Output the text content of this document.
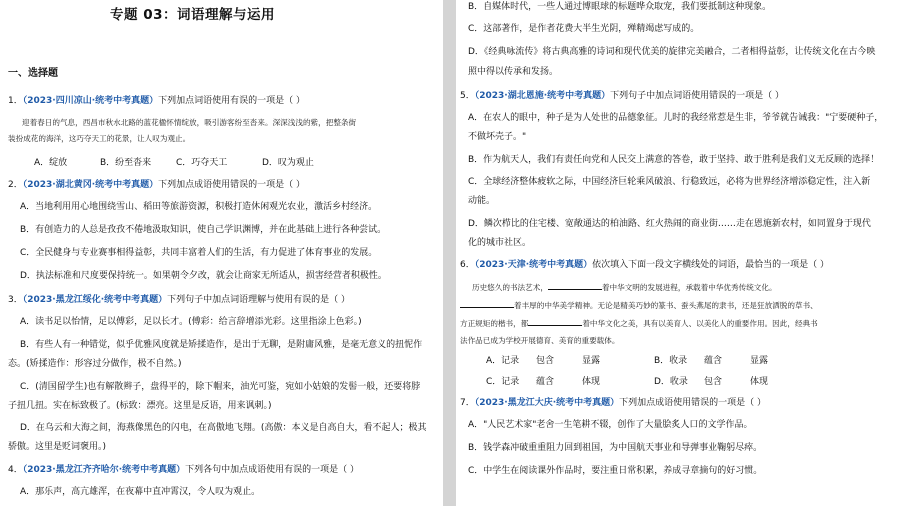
专题 03：词语理解与运用
一、选择题
1．（2023·四川凉山·统考中考真题）下列加点词语使用有误的一项是（ ）
迎着春日的气息，西昌市秋水北路的蓝花楹怀情绽放，吸引游客纷至沓来。深深浅浅的紫，把整条街
装扮成花的海洋，这巧夺天工的花景，让人叹为观止。
A．绽放	B．纷至沓来	C．巧夺天工	D．叹为观止
2．（2023·湖北黄冈·统考中考真题）下列加点成语使用错误的一项是（ ）
A．当地利用用心地围绕雪山、稻田等旅游资源，积极打造休闲观光农业，激活乡村经济。
B．有创造力的人总是孜孜不倦地汲取知识，使自己学识渊博，并在此基础上进行各种尝试。
C．全民健身与专业赛事相得益彰，共同丰富着人们的生活，有力促进了体育事业的发展。
D．执法标准和尺度要保持统一。如果朝令夕改，就会让商家无所适从，损害经营者积极性。
3．（2023·黑龙江绥化·统考中考真题）下列句子中加点词语理解与使用有误的是（ ）
A．读书足以怡情，足以傅彩，足以长才。(傅彩：给言辞增添光彩。这里指涂上色彩。)
B．有些人有一种错觉，似乎优雅风度就是矫揉造作，是出于无聊，是附庸风雅，是毫无意义的扭怩作
态。(矫揉造作：形容过分做作，极不自然。)
C．(清国留学生)也有解散辫子，盘得平的，除下帽来，油光可鉴，宛如小姑娘的发髻一般，还要将脖
子扭几扭。实在标致极了。(标致：漂亮。这里是反语，用来讽刺。)
D．在乌云和大海之间，海燕像黑色的闪电，在高傲地飞翔。(高傲：本义是自高自大，看不起人；极其
骄傲。这里是贬词褒用。)
4．（2023·黑龙江齐齐哈尔·统考中考真题）下列各句中加点成语使用有误的一项是（ ）
A．那乐声，高亢雄浑，在夜幕中直冲霄汉，令人叹为观止。
B．自媒体时代，一些人通过博眼球的标题哗众取宠，我们要抵制这种现象。
C．这部著作，是作者花费大半生光阴，殚精竭虑写成的。
D．《经典咏流传》将古典高雅的诗词和现代优美的旋律完美融合，二者相得益彰，让传统文化在古今映
照中得以传承和发扬。
5．（2023·湖北恩施·统考中考真题）下列句子中加点词语使用错误的一项是（ ）
A．在农人的眼中，种子是为人处世的品德象征。儿时的我经常惹是生非，爷爷就告诫我："宁要硬种子，
不做坏壳子。"
B．作为航天人，我们有责任向党和人民交上满意的答卷，敢于坚持、敢于胜利是我们义无反顾的选择！
C．全球经济整体疲软之际，中国经济巨轮乘风破浪、行稳致远，必将为世界经济增添稳定性，注入新
动能。
D．鳞次栉比的住宅楼、宽敞通达的柏油路、红火热闹的商业街……走在恩施新农村，如同置身于现代
化的城市社区。
6．（2023·天津·统考中考真题）依次填入下面一段文字横线处的词语，最恰当的一项是（ ）
历史悠久的书法艺术，	着中华文明的发展进程，承载着中华优秀传统文化。
着丰厚的中华美学精神。无论是精美巧妙的篆书、蚕头燕尾的隶书，还是狂放洒脱的草书、
方正规矩的楷书，都	着中华文化之美，具有以美育人、以美化人的重要作用。因此，经典书
法作品已成为学校开展德育、美育的重要载体。
A．记录 包含	显露	B．收录 蕴含	显露
C．记录 蕴含	体现	D．收录 包含	体现
7．（2023·黑龙江大庆·统考中考真题）下列加点成语使用错误的一项是（ ）
A．"人民艺术家"老舍一生笔耕不辍，创作了大量脍炙人口的文学作品。
B．钱学森冲破重重阻力回到祖国，为中国航天事业和导弹事业鞠躬尽瘁。
C．中学生在阅读课外作品时，要注重日常积累，养成寻章摘句的好习惯。
